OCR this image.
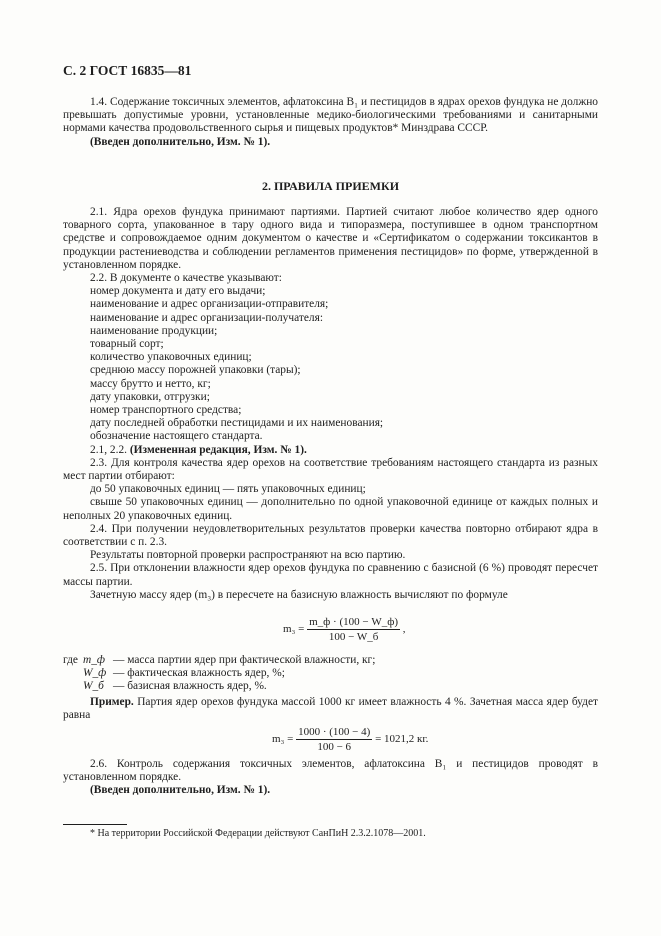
С. 2 ГОСТ 16835—81

1.4. Содержание токсичных элементов, афлатоксина B₁ и пестицидов в ядрах орехов фундука не должно превышать допустимые уровни, установленные медико-биологическими требованиями и санитарными нормами качества продовольственного сырья и пищевых продуктов* Минздрава СССР.

(Введен дополнительно, Изм. № 1).

2. ПРАВИЛА ПРИЕМКИ

2.1. Ядра орехов фундука принимают партиями. Партией считают любое количество ядер одного товарного сорта, упакованное в тару одного вида и типоразмера, поступившее в одном транспортном средстве и сопровождаемое одним документом о качестве и «Сертификатом о содержании токсикантов в продукции растениеводства и соблюдении регламентов применения пестицидов» по форме, утвержденной в установленном порядке.

2.2. В документе о качестве указывают:

номер документа и дату его выдачи;

наименование и адрес организации-отправителя;

наименование и адрес организации-получателя:

наименование продукции;

товарный сорт;

количество упаковочных единиц;

среднюю массу порожней упаковки (тары);

массу брутто и нетто, кг;

дату упаковки, отгрузки;

номер транспортного средства;

дату последней обработки пестицидами и их наименования;

обозначение настоящего стандарта.

2.1, 2.2. (Измененная редакция, Изм. № 1).

2.3. Для контроля качества ядер орехов на соответствие требованиям настоящего стандарта из разных мест партии отбирают:

до 50 упаковочных единиц — пять упаковочных единиц;

свыше 50 упаковочных единиц — дополнительно по одной упаковочной единице от каждых полных и неполных 20 упаковочных единиц.

2.4. При получении неудовлетворительных результатов проверки качества повторно отбирают ядра в соответствии с п. 2.3.

Результаты повторной проверки распространяют на всю партию.

2.5. При отклонении влажности ядер орехов фундука по сравнению с базисной (6 %) проводят пересчет массы партии.

Зачетную массу ядер (m₃) в пересчете на базисную влажность вычисляют по формуле

$m_3 = \frac{m\_ф \cdot (100 - W\_ф)}{100 - W\_б}$ ,
где	m_ф	— масса партии ядер при фактической влажности, кг;
	W_ф	— фактическая влажность ядер, %;
	W_б	— базисная влажность ядер, %.

Пример. Партия ядер орехов фундука массой 1000 кг имеет влажность 4 %. Зачетная масса ядер будет равна

$m_3 = \frac{1000 \cdot (100 - 4)}{100 - 6} = 1021,2$ кг.

2.6. Контроль содержания токсичных элементов, афлатоксина B₁ и пестицидов проводят в установленном порядке.

(Введен дополнительно, Изм. № 1).

* На территории Российской Федерации действуют СанПиН 2.3.2.1078—2001.
